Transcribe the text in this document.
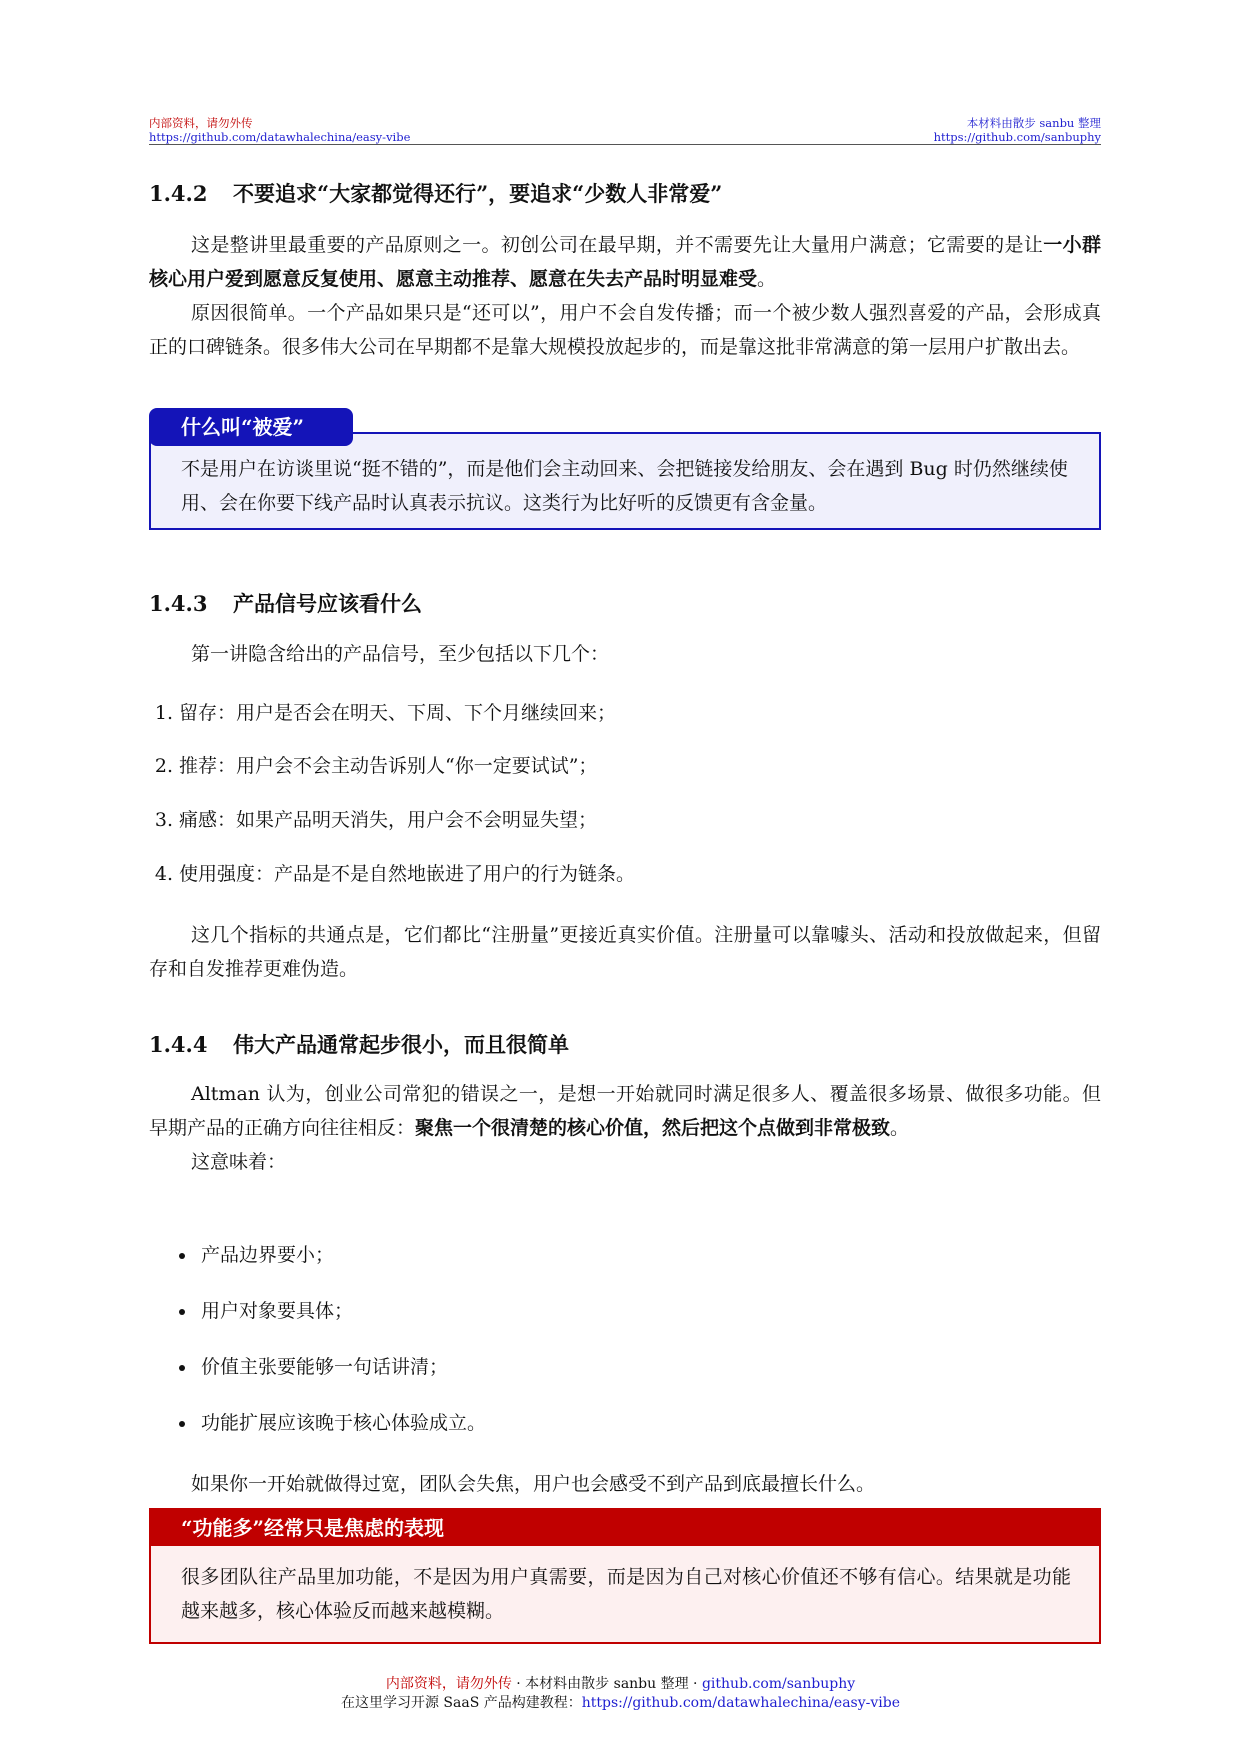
内部资料，请勿外传
https://github.com/datawhalechina/easy-vibe
本材料由散步 sanbu 整理
https://github.com/sanbuphy
1.4.2 不要追求“大家都觉得还行”，要追求“少数人非常爱”

这是整讲里最重要的产品原则之一。初创公司在最早期，并不需要先让大量用户满意；它需要的是让一小群核心用户爱到愿意反复使用、愿意主动推荐、愿意在失去产品时明显难受。

原因很简单。一个产品如果只是“还可以”，用户不会自发传播；而一个被少数人强烈喜爱的产品，会形成真正的口碑链条。很多伟大公司在早期都不是靠大规模投放起步的，而是靠这批非常满意的第一层用户扩散出去。

不是用户在访谈里说“挺不错的”，而是他们会主动回来、会把链接发给朋友、会在遇到 Bug 时仍然继续使用、会在你要下线产品时认真表示抗议。这类行为比好听的反馈更有含金量。
什么叫“被爱”
1.4.3 产品信号应该看什么

第一讲隐含给出的产品信号，至少包括以下几个：

1. 留存：用户是否会在明天、下周、下个月继续回来；
2. 推荐：用户会不会主动告诉别人“你一定要试试”；
3. 痛感：如果产品明天消失，用户会不会明显失望；
4. 使用强度：产品是不是自然地嵌进了用户的行为链条。

这几个指标的共通点是，它们都比“注册量”更接近真实价值。注册量可以靠噱头、活动和投放做起来，但留存和自发推荐更难伪造。

1.4.4 伟大产品通常起步很小，而且很简单

Altman 认为，创业公司常犯的错误之一，是想一开始就同时满足很多人、覆盖很多场景、做很多功能。但早期产品的正确方向往往相反：聚焦一个很清楚的核心价值，然后把这个点做到非常极致。

这意味着：

产品边界要小；
用户对象要具体；
价值主张要能够一句话讲清；
功能扩展应该晚于核心体验成立。

如果你一开始就做得过宽，团队会失焦，用户也会感受不到产品到底最擅长什么。

“功能多”经常只是焦虑的表现
很多团队往产品里加功能，不是因为用户真需要，而是因为自己对核心价值还不够有信心。结果就是功能越来越多，核心体验反而越来越模糊。
内部资料，请勿外传 · 本材料由散步 sanbu 整理 · github.com/sanbuphy
在这里学习开源 SaaS 产品构建教程：https://github.com/datawhalechina/easy-vibe
